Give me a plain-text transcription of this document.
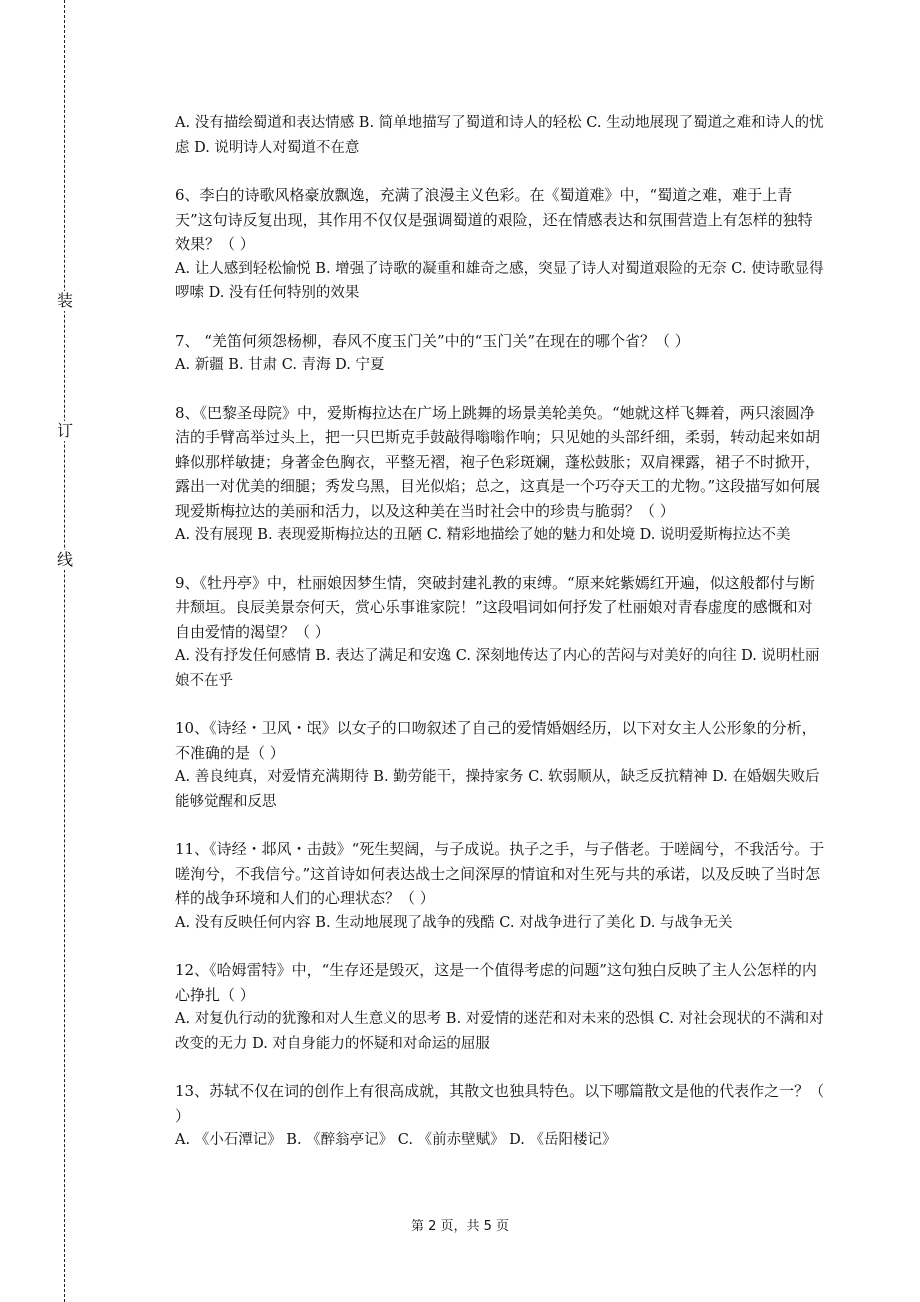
装
订
线

A. 没有描绘蜀道和表达情感 B. 简单地描写了蜀道和诗人的轻松 C. 生动地展现了蜀道之难和诗人的忧虑 D. 说明诗人对蜀道不在意

6、李白的诗歌风格豪放飘逸，充满了浪漫主义色彩。在《蜀道难》中，“蜀道之难，难于上青天”这句诗反复出现，其作用不仅仅是强调蜀道的艰险，还在情感表达和氛围营造上有怎样的独特效果？（ ）

A. 让人感到轻松愉悦 B. 增强了诗歌的凝重和雄奇之感，突显了诗人对蜀道艰险的无奈 C. 使诗歌显得啰嗦 D. 没有任何特别的效果

7、 “羌笛何须怨杨柳，春风不度玉门关”中的“玉门关”在现在的哪个省？（ ）

A. 新疆 B. 甘肃 C. 青海 D. 宁夏

8、《巴黎圣母院》中，爱斯梅拉达在广场上跳舞的场景美轮美奂。“她就这样飞舞着，两只滚圆净洁的手臂高举过头上，把一只巴斯克手鼓敲得嗡嗡作响；只见她的头部纤细，柔弱，转动起来如胡蜂似那样敏捷；身著金色胸衣，平整无褶，袍子色彩斑斓，蓬松鼓胀；双肩裸露，裙子不时掀开，露出一对优美的细腿；秀发乌黑，目光似焰；总之，这真是一个巧夺天工的尤物。”这段描写如何展现爱斯梅拉达的美丽和活力，以及这种美在当时社会中的珍贵与脆弱？（ ）

A. 没有展现 B. 表现爱斯梅拉达的丑陋 C. 精彩地描绘了她的魅力和处境 D. 说明爱斯梅拉达不美

9、《牡丹亭》中，杜丽娘因梦生情，突破封建礼教的束缚。“原来姹紫嫣红开遍，似这般都付与断井颓垣。良辰美景奈何天，赏心乐事谁家院！”这段唱词如何抒发了杜丽娘对青春虚度的感慨和对自由爱情的渴望？（ ）

A. 没有抒发任何感情 B. 表达了满足和安逸 C. 深刻地传达了内心的苦闷与对美好的向往 D. 说明杜丽娘不在乎

10、《诗经・卫风・氓》以女子的口吻叙述了自己的爱情婚姻经历，以下对女主人公形象的分析，不准确的是（ ）

A. 善良纯真，对爱情充满期待 B. 勤劳能干，操持家务 C. 软弱顺从，缺乏反抗精神 D. 在婚姻失败后能够觉醒和反思

11、《诗经・邶风・击鼓》“死生契阔，与子成说。执子之手，与子偕老。于嗟阔兮，不我活兮。于嗟洵兮，不我信兮。”这首诗如何表达战士之间深厚的情谊和对生死与共的承诺，以及反映了当时怎样的战争环境和人们的心理状态？（ ）

A. 没有反映任何内容 B. 生动地展现了战争的残酷 C. 对战争进行了美化 D. 与战争无关

12、《哈姆雷特》中，“生存还是毁灭，这是一个值得考虑的问题”这句独白反映了主人公怎样的内心挣扎（ ）

A. 对复仇行动的犹豫和对人生意义的思考 B. 对爱情的迷茫和对未来的恐惧 C. 对社会现状的不满和对改变的无力 D. 对自身能力的怀疑和对命运的屈服

13、苏轼不仅在词的创作上有很高成就，其散文也独具特色。以下哪篇散文是他的代表作之一？（ ）

A. 《小石潭记》 B. 《醉翁亭记》 C. 《前赤壁赋》 D. 《岳阳楼记》

第 2 页，共 5 页
